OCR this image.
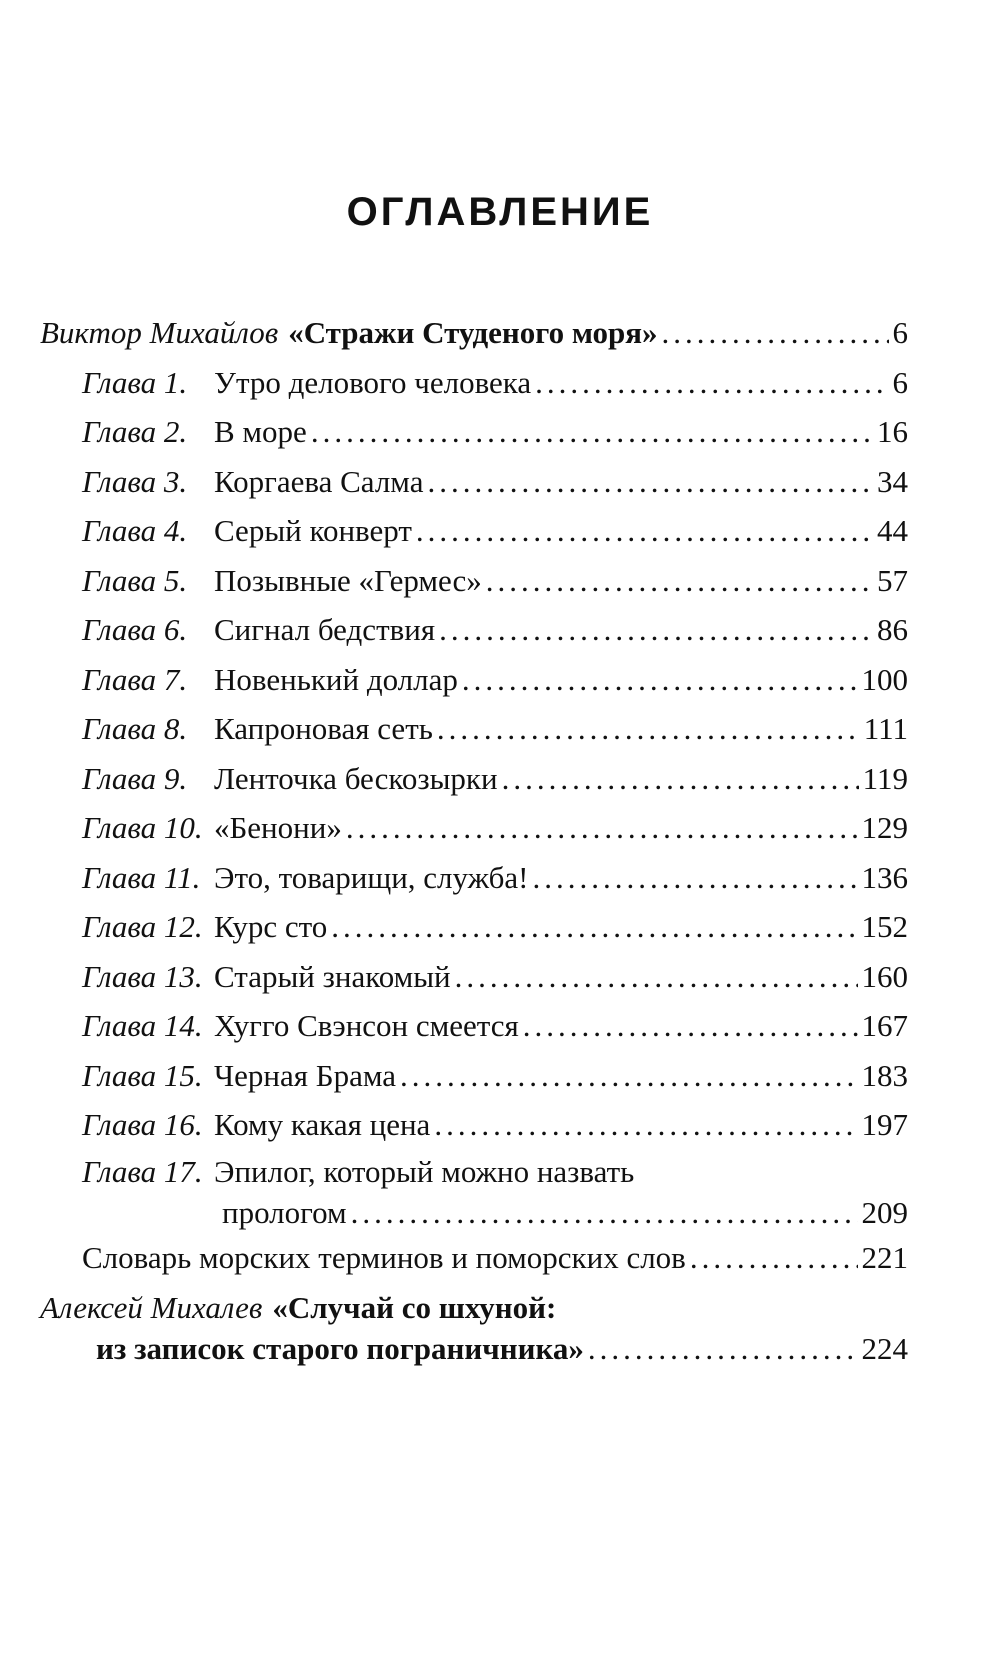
ОГЛАВЛЕНИЕ
Виктор Михайлов «Стражи Студеного моря» .....	6
Глава 1. Утро делового человека .....	6
Глава 2. В море .....	16
Глава 3. Коргаева Салма .....	34
Глава 4. Серый конверт .....	44
Глава 5. Позывные «Гермес» .....	57
Глава 6. Сигнал бедствия .....	86
Глава 7. Новенький доллар .....	100
Глава 8. Капроновая сеть .....	111
Глава 9. Ленточка бескозырки .....	119
Глава 10. «Бенони» .....	129
Глава 11. Это, товарищи, служба! .....	136
Глава 12. Курс сто .....	152
Глава 13. Старый знакомый .....	160
Глава 14. Хугго Свэнсон смеется .....	167
Глава 15. Черная Брама .....	183
Глава 16. Кому какая цена .....	197
Глава 17. Эпилог, который можно назвать
прологом .....	209
Словарь морских терминов и поморских слов .....	221
Алексей Михалев «Случай со шхуной:
из записок старого пограничника» .....	224
